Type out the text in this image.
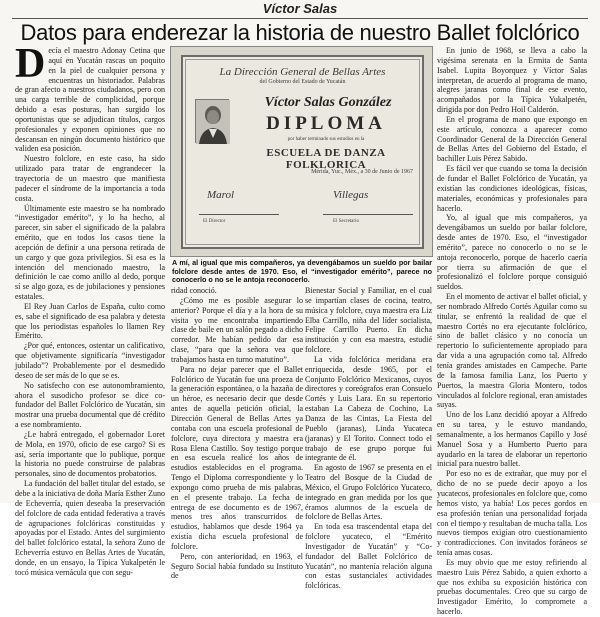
Víctor Salas
Datos para enderezar la historia de nuestro Ballet folclórico
D ecía el maestro Adonay Cetina que aquí en Yucatán rascas un poquito en la piel de cualquier persona y encuentras un historiador. Palabras de gran afecto a nuestros ciudadanos, pero con una carga terrible de complicidad, porque debido a esas posturas, han surgido los oportunistas que se adjudican títulos, cargos profesionales y exponen opiniones que no descansan en ningún documento histórico que validen esa posición.

Nuestro folclore, en este caso, ha sido utilizado para tratar de engrandecer la trayectoria de un maestro que manifiesta padecer el síndrome de la importancia a toda costa.

Últimamente este maestro se ha nombrado “investigador emérito”, y lo ha hecho, al parecer, sin saber el significado de la palabra emérito, que en todos los casos tiene la acepción de definir a una persona retirada de un cargo y que goza privilegios. Si esa es la intención del mencionado maestro, la definición le cae como anillo al dedo, porque sí se algo goza, es de jubilaciones y pensiones estatales.

El Rey Juan Carlos de España, culto como es, sabe el significado de esa palabra y detesta que los periodistas españoles lo llamen Rey Emérito.

¿Por qué, entonces, ostentar un calificativo, que objetivamente significaría “investigador jubilado”? Probablemente por el desmedido deseo de ser más de lo que se es.

No satisfecho con ese autonombramiento, ahora el susodicho profesor se dice co-fundador del Ballet Folclórico de Yucatán, sin mostrar una prueba documental que dé crédito a ese nombramiento.

¿Le habrá entregado, el gobernador Loret de Mola, en 1970, oficio de ese cargo? Si es así, sería importante que lo publique, porque la historia no puede construirse de palabras personales, sino de documentos probatorios.

La fundación del ballet titular del estado, se debe a la iniciativa de doña María Esther Zuno de Echeverría, quien deseaba la preservación del folclore de cada entidad federativa a través de agrupaciones folclóricas constituidas y apoyadas por el Estado. Antes del surgimiento del ballet folclórico estatal, la señora Zuno de Echeverría estuvo en Bellas Artes de Yucatán, donde, en un ensayo, la Típica Yukalpetén le tocó música vernácula que con segu-

La Dirección General de Bellas Artes
del Gobierno del Estado de Yucatán
Víctor Salas González
DIPLOMA
por haber terminado sus estudios en la
ESCUELA DE DANZA FOLKLORICA
Mérida, Yuc., Méx., a 30 de Junio de 1967
Marol	Villegas
El Director	El Secretario
A mí, al igual que mis compañeros, ya devengábamos un sueldo por bailar folclore desde antes de 1970. Eso, el “investigador emérito”, parece no conocerlo o no se le antoja reconocerlo.

ridad conoció.

¿Cómo me es posible asegurar lo anterior? Porque el día y a la hora de su visita yo me encontraba impartiendo clase de baile en un salón pegado a dicho corredor. Me habían pedido dar esa clase, “para que la señora vea que trabajamos hasta en turno matutino”.

Para no dejar parecer que el Ballet Folclórico de Yucatán fue una proeza de la generación espontánea, o la hazaña de un héroe, es necesario decir que desde antes de aquella petición oficial, la Dirección General de Bellas Artes ya contaba con una escuela profesional de folclore, cuya directora y maestra era Rosa Elena Castillo. Soy testigo porque en esa escuela realicé los años de estudios establecidos en el programa. Tengo el Diploma correspondiente y lo expongo como prueba de mis palabras, en el presente trabajo. La fecha de entrega de ese documento es de 1967, menos tres años transcurridos de estudios, hablamos que desde 1964 ya existía dicha escuela profesional de folclore.

Pero, con anterioridad, en 1963, el Seguro Social había fundado su Instituto de

Bienestar Social y Familiar, en el cual se impartían clases de cocina, teatro, música y folclore, cuya maestra era Liz Elba Carrillo, niña del líder socialista, Felipe Carrillo Puerto. En dicha institución y con esa maestra, estudié folclore.

La vida folclórica meridana era enriquecida, desde 1965, por el Conjunto Folclórico Mexicanos, cuyos directores y coreógrafos eran Consuelo Cortés y Luis Lara. En su repertorio estaban La Cabeza de Cochino, La Danza de las Cintas, La Fiesta del Pueblo (jaranas), Linda Yucateca (jaranas) y El Torito. Connect todo el trabajo de ese grupo porque fui integrante de él.

En agosto de 1967 se presenta en el Teatro del Bosque de la Ciudad de México, el Grupo Folclórico Yucateco, integrado en gran medida por los que éramos alumnos de la escuela de folclore de Bellas Artes.

En toda esa trascendental etapa del folclore yucateco, el “Emérito Investigador de Yucatán” y “Co-fundador del Ballet Folclórico de Yucatán”, no mantenía relación alguna con estas sustanciales actividades folclóricas.

En junio de 1968, se lleva a cabo la vigésima serenata en la Ermita de Santa Isabel. Lupita Boyorquez y Víctor Salas interpretan, de acuerdo al programa de mano, alegres jaranas como final de ese evento, acompañados por la Típica Yukalpetén, dirigida por don Pedro Hoil Calderón.

En el programa de mano que expongo en este artículo, conozca a aparecer como Coordinador General de la Dirección General de Bellas Artes del Gobierno del Estado, el bachiller Luis Pérez Sabido.

Es fácil ver que cuando se toma la decisión de fundar el Ballet Folclórico de Yucatán, ya existían las condiciones ideológicas, físicas, materiales, económicas y profesionales para hacerlo.

Yo, al igual que mis compañeros, ya devengábamos un sueldo por bailar folclore, desde antes de 1970. Eso, el “investigador emérito”, parece no conocerlo o no se le antoja reconocerlo, porque de hacerlo caería por tierra su afirmación de que el profesionalizó el folclore porque consiguió sueldos.

En el momento de activar el ballet oficial, y ser nombrado Alfredo Cortés Aguilar como su titular, se enfrentó la realidad de que el maestro Cortés no era ejecutante folclórico, sino de ballet clásico y no conocía un repertorio lo suficientemente apropiado para dar vida a una agrupación como tal. Alfredo tenía grandes amistades en Campeche. Parte de la famosa familia Lanz, los Puerto y Puertos, la maestra Gloria Montero, todos vinculados al folclore regional, eran amistades suyas.

Uno de los Lanz decidió apoyar a Alfredo en su tarea, y le estuvo mandando, semanalmente, a los hermanos Capillo y José Manuel Sosa y a Humberto Puerto para ayudarlo en la tarea de elaborar un repertorio inicial para nuestro ballet.

Por eso no es de extrañar, que muy por el dicho de no se puede decir apoyo a los yucatecos, profesionales en folclore que, como hemos visto, ya había! Los peces gordos en esa profesión tenían una personalidad forjada con el tiempo y resultaban de mucha talla. Los nuevos tiempos exigían otro cuestionamiento y contradicciones. Con invitados foráneos se tenía amas cosas.

Es muy obvio que me estoy refiriendo al maestro Luis Pérez Sabido, a quien exhorto a que nos exhiba su exposición histórica con pruebas documentales. Creo que su cargo de Investigador Emérito, lo compromete a hacerlo.
